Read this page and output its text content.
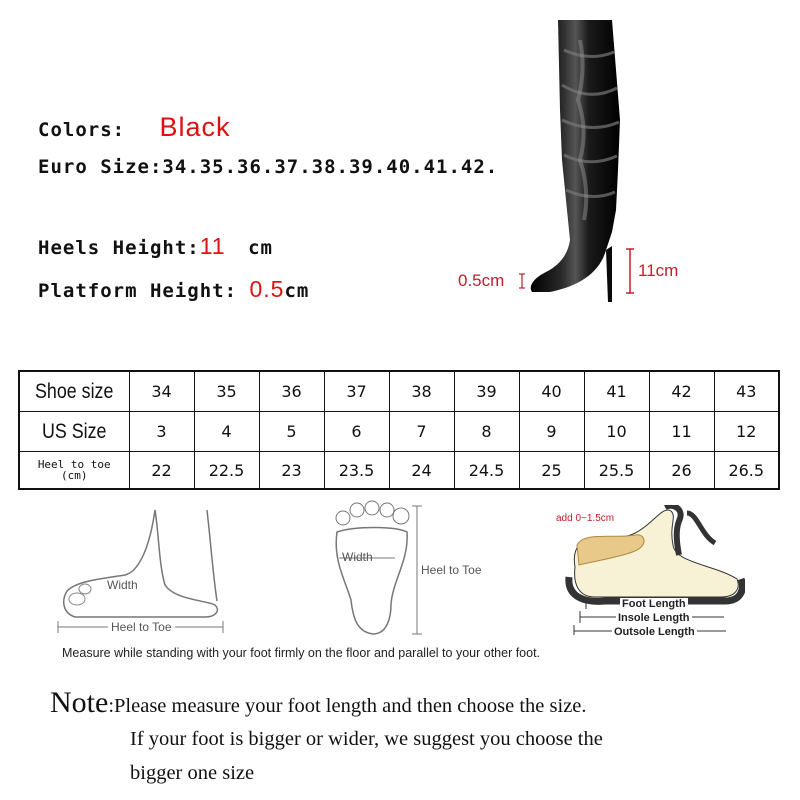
Colors: Black
Euro Size:34.35.36.37.38.39.40.41.42.
Heels Height:11 cm
Platform Height: 0.5cm	0.5cm
11cm
Shoe size	34	35	36	37	38	39	40	41	42	43
US Size	3	4	5	6	7	8	9	10	11	12

Heel to toe
(cm)	22	22.5	23	23.5	24	24.5	25	25.5	26	26.5
Width
Heel to Toe
Width
Heel to Toe
add 0~1.5cm
Foot Length
Insole Length
Outsole Length
Measure while standing with your foot firmly on the floor and parallel to your other foot.
Note:Please measure your foot length and then choose the size.
If your foot is bigger or wider, we suggest you choose the
bigger one size
